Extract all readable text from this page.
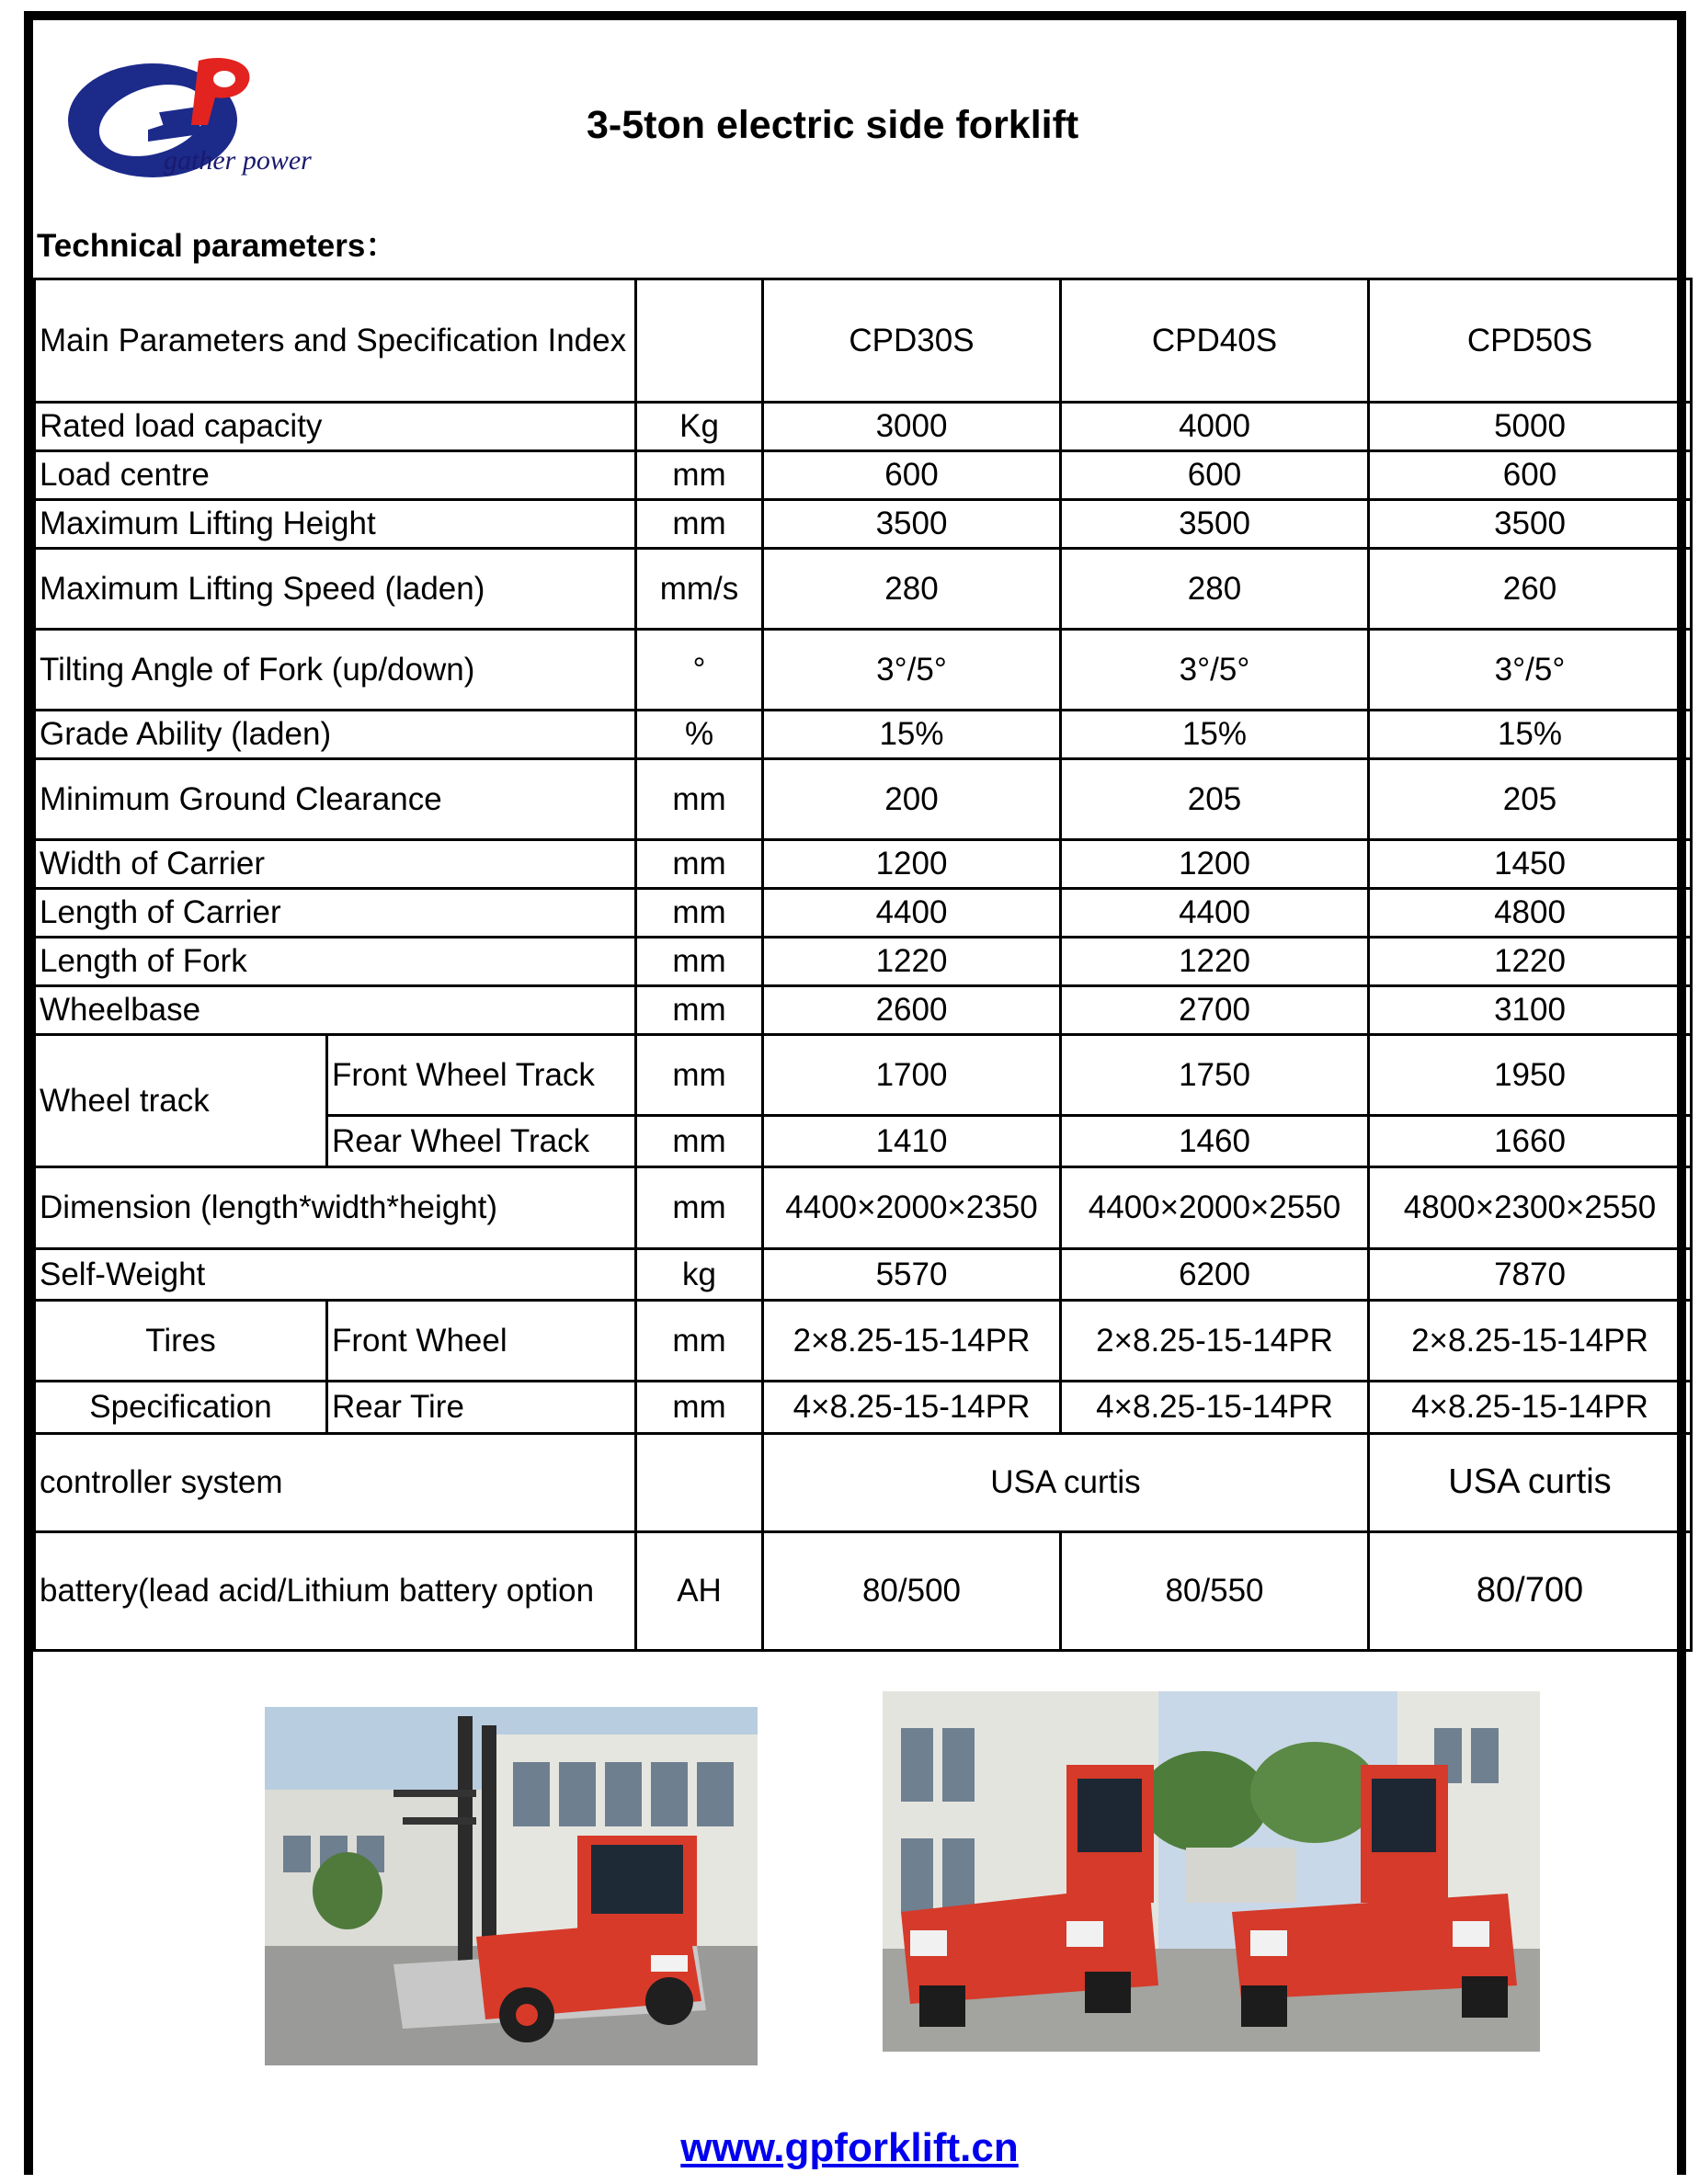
gather power
3-5ton electric side forklift
Technical parameters：
Main Parameters and Specification Index			CPD30S	CPD40S	CPD50S
Rated load capacity		Kg	3000	4000	5000
Load centre		mm	600	600	600
Maximum Lifting Height		mm	3500	3500	3500
Maximum Lifting Speed (laden)		mm/s	280	280	260
Tilting Angle of Fork (up/down)		°	3°/5°	3°/5°	3°/5°
Grade Ability (laden)		%	15%	15%	15%
Minimum Ground Clearance		mm	200	205	205
Width of Carrier		mm	1200	1200	1450
Length of Carrier		mm	4400	4400	4800
Length of Fork		mm	1220	1220	1220
Wheelbase		mm	2600	2700	3100
Wheel track	Front Wheel Track	mm	1700	1750	1950
	Rear Wheel Track	mm	1410	1460	1660
Dimension (length*width*height)		mm	4400×2000×2350	4400×2000×2550	4800×2300×2550
Self-Weight		kg	5570	6200	7870
Tires	Front Wheel	mm	2×8.25-15-14PR	2×8.25-15-14PR	2×8.25-15-14PR
Specification	Rear Tire	mm	4×8.25-15-14PR	4×8.25-15-14PR	4×8.25-15-14PR
controller system			USA curtis		USA curtis
battery(lead acid/Lithium battery option		AH	80/500	80/550	80/700
www.gpforklift.cn
